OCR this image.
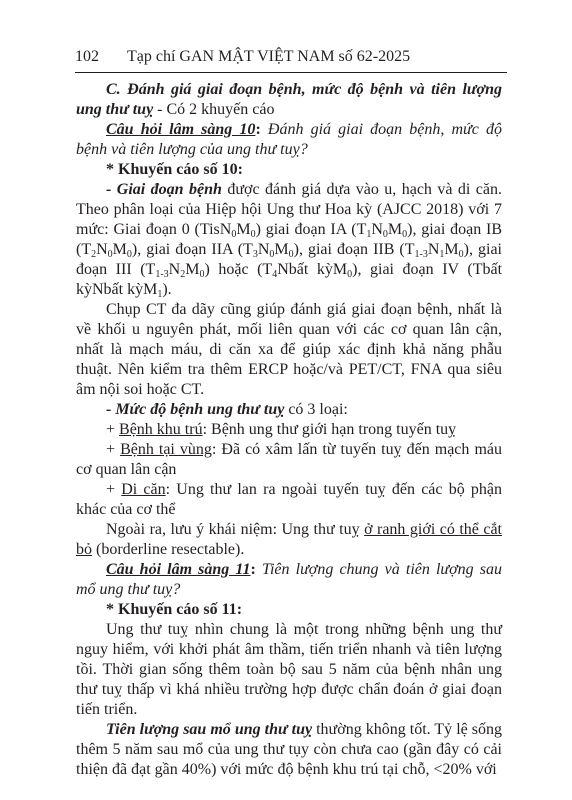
102 Tạp chí GAN MẬT VIỆT NAM số 62-2025

C. Đánh giá giai đoạn bệnh, mức độ bệnh và tiên lượng ung thư tuỵ - Có 2 khuyến cáo

Câu hỏi lâm sàng 10: Đánh giá giai đoạn bệnh, mức độ bệnh và tiên lượng của ung thư tuỵ?

* Khuyến cáo số 10:

- Giai đoạn bệnh được đánh giá dựa vào u, hạch và di căn. Theo phân loại của Hiệp hội Ung thư Hoa kỳ (AJCC 2018) với 7 mức: Giai đoạn 0 $(TisN_0M_0)$ giai đoạn IA $(T_1N_0M_0)$, giai đoạn IB $(T_2N_0M_0)$, giai đoạn IIA $(T_3N_0M_0)$, giai đoạn IIB $(T_{1-3}N_1M_0)$, giai đoạn III $(T_{1-3}N_2M_0)$ hoặc ($T_4Nbất$ kỳM$_0$), giai đoạn IV (Tbất kỳNbất kỳM$_1$).

Chụp CT đa dãy cũng giúp đánh giá giai đoạn bệnh, nhất là về khối u nguyên phát, mối liên quan với các cơ quan lân cận, nhất là mạch máu, di căn xa để giúp xác định khả năng phẫu thuật. Nên kiểm tra thêm ERCP hoặc/và PET/CT, FNA qua siêu âm nội soi hoặc CT.

- Mức độ bệnh ung thư tuỵ có 3 loại:

+ Bệnh khu trú: Bệnh ung thư giới hạn trong tuyến tuỵ

+ Bệnh tại vùng: Đã có xâm lấn từ tuyến tuỵ đến mạch máu cơ quan lân cận

+ Di căn: Ung thư lan ra ngoài tuyến tuỵ đến các bộ phận khác của cơ thể

Ngoài ra, lưu ý khái niệm: Ung thư tuỵ ở ranh giới có thể cắt bỏ (borderline resectable).

Câu hỏi lâm sàng 11: Tiên lượng chung và tiên lượng sau mổ ung thư tuỵ?

* Khuyến cáo số 11:

Ung thư tuỵ nhìn chung là một trong những bệnh ung thư nguy hiểm, với khởi phát âm thầm, tiến triển nhanh và tiên lượng tồi. Thời gian sống thêm toàn bộ sau 5 năm của bệnh nhân ung thư tuỵ thấp vì khá nhiều trường hợp được chẩn đoán ở giai đoạn tiến triển.

Tiên lượng sau mổ ung thư tuỵ thường không tốt. Tỷ lệ sống thêm 5 năm sau mổ của ung thư tụy còn chưa cao (gần đây có cải thiện đã đạt gần 40%) với mức độ bệnh khu trú tại chỗ, <20% với
